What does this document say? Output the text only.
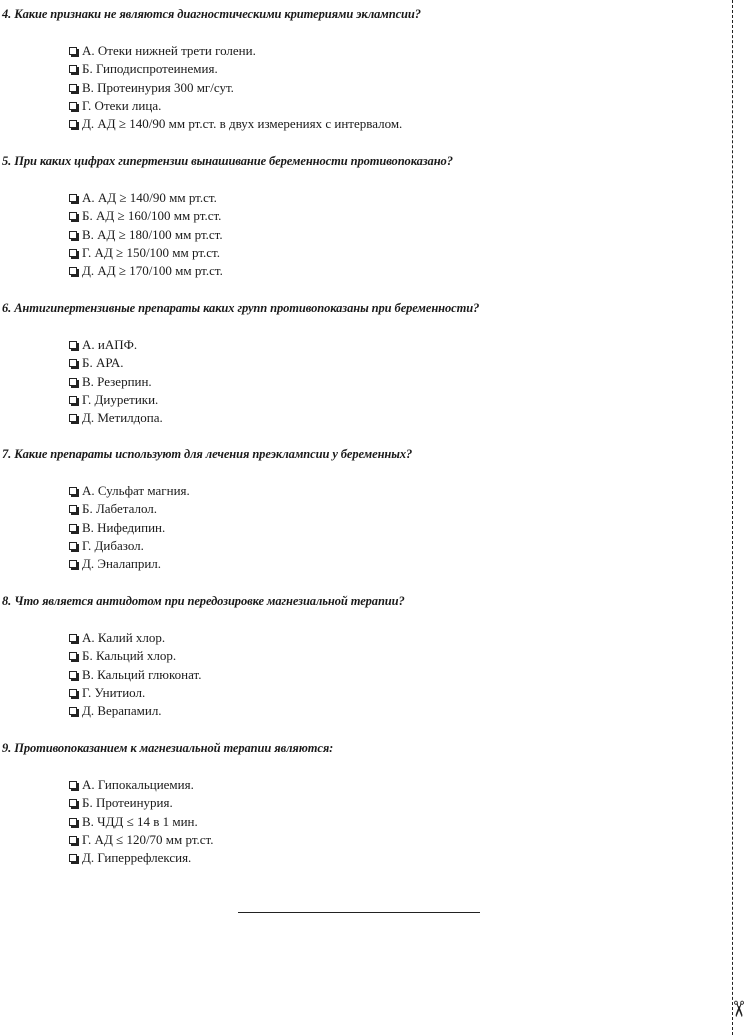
4. Какие признаки не являются диагностическими критериями эклампсии?

А. Отеки нижней трети голени.
Б. Гиподиспротеинемия.
В. Протеинурия 300 мг/сут.
Г. Отеки лица.
Д. АД ≥ 140/90 мм рт.ст. в двух измерениях с интервалом.

5. При каких цифрах гипертензии вынашивание беременности противопоказано?

А. АД ≥ 140/90 мм рт.ст.
Б. АД ≥ 160/100 мм рт.ст.
В. АД ≥ 180/100 мм рт.ст.
Г. АД ≥ 150/100 мм рт.ст.
Д. АД ≥ 170/100 мм рт.ст.

6. Антигипертензивные препараты каких групп противопоказаны при беременности?

А. иАПФ.
Б. АРА.
В. Резерпин.
Г. Диуретики.
Д. Метилдопа.

7. Какие препараты используют для лечения преэклампсии у беременных?

А. Сульфат магния.
Б. Лабеталол.
В. Нифедипин.
Г. Дибазол.
Д. Эналаприл.

8. Что является антидотом при передозировке магнезиальной терапии?

А. Калий хлор.
Б. Кальций хлор.
В. Кальций глюконат.
Г. Унитиол.
Д. Верапамил.

9. Противопоказанием к магнезиальной терапии являются:

А. Гипокальциемия.
Б. Протеинурия.
В. ЧДД ≤ 14 в 1 мин.
Г. АД ≤ 120/70 мм рт.ст.
Д. Гиперрефлексия.
✂
